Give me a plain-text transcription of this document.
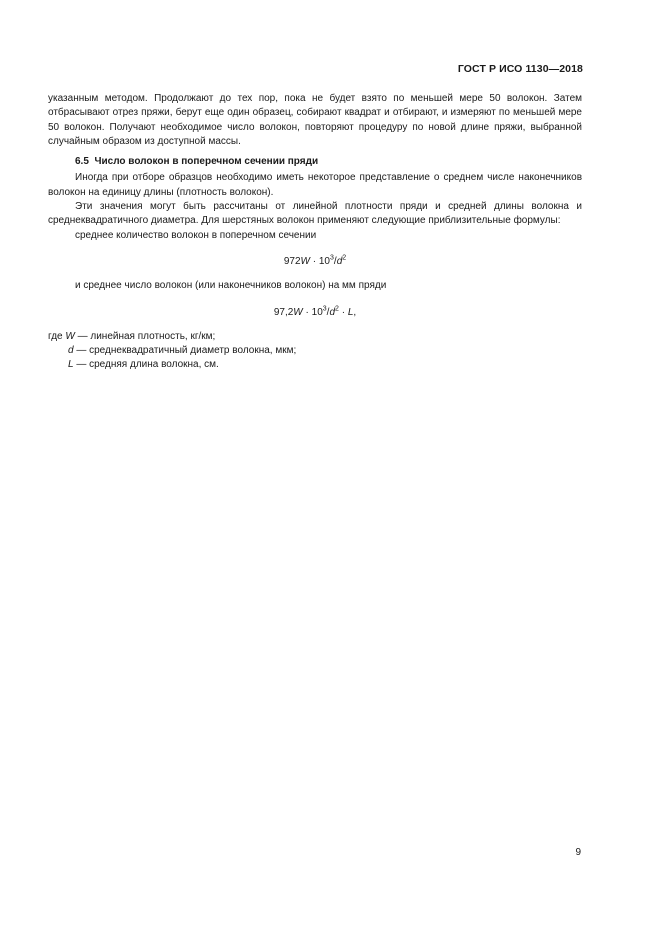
ГОСТ Р ИСО 1130—2018

указанным методом. Продолжают до тех пор, пока не будет взято по меньшей мере 50 волокон. Затем отбрасывают отрез пряжи, берут еще один образец, собирают квадрат и отбирают, и измеряют по меньшей мере 50 волокон. Получают необходимое число волокон, повторяют процедуру по новой длине пряжи, выбранной случайным образом из доступной массы.

6.5 Число волокон в поперечном сечении пряди

Иногда при отборе образцов необходимо иметь некоторое представление о среднем числе наконечников волокон на единицу длины (плотность волокон).

Эти значения могут быть рассчитаны от линейной плотности пряди и средней длины волокна и среднеквадратичного диаметра. Для шерстяных волокон применяют следующие приблизительные формулы:

среднее количество волокон в поперечном сечении

$972W \cdot 10^3/d^2$

и среднее число волокон (или наконечников волокон) на мм пряди

$97,2W \cdot 10^3/d^2 \cdot L$,

где W — линейная плотность, кг/км;

d — среднеквадратичный диаметр волокна, мкм;

L — средняя длина волокна, см.

9
